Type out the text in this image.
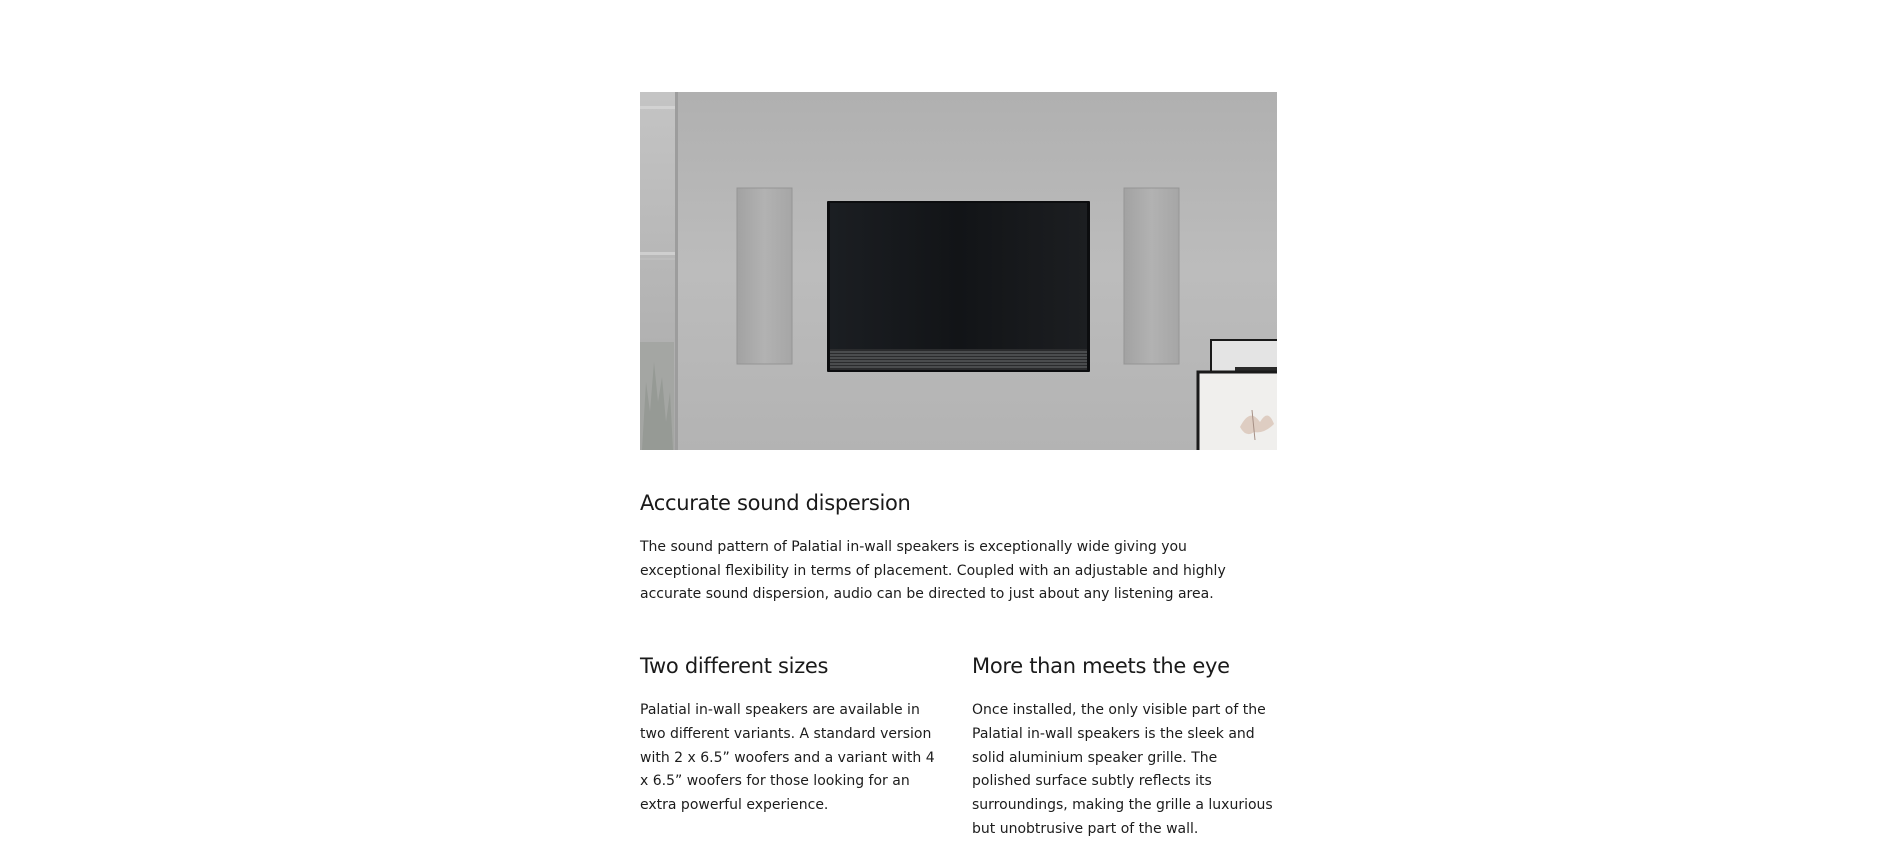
Accurate sound dispersion

The sound pattern of Palatial in-wall speakers is exceptionally wide giving you exceptional flexibility in terms of placement. Coupled with an adjustable and highly accurate sound dispersion, audio can be directed to just about any listening area.

Two different sizes

Palatial in-wall speakers are available in two different variants. A standard version with 2 x 6.5” woofers and a variant with 4 x 6.5” woofers for those looking for an extra powerful experience.

More than meets the eye

Once installed, the only visible part of the Palatial in-wall speakers is the sleek and solid aluminium speaker grille. The polished surface subtly reflects its surroundings, making the grille a luxurious but unobtrusive part of the wall.
